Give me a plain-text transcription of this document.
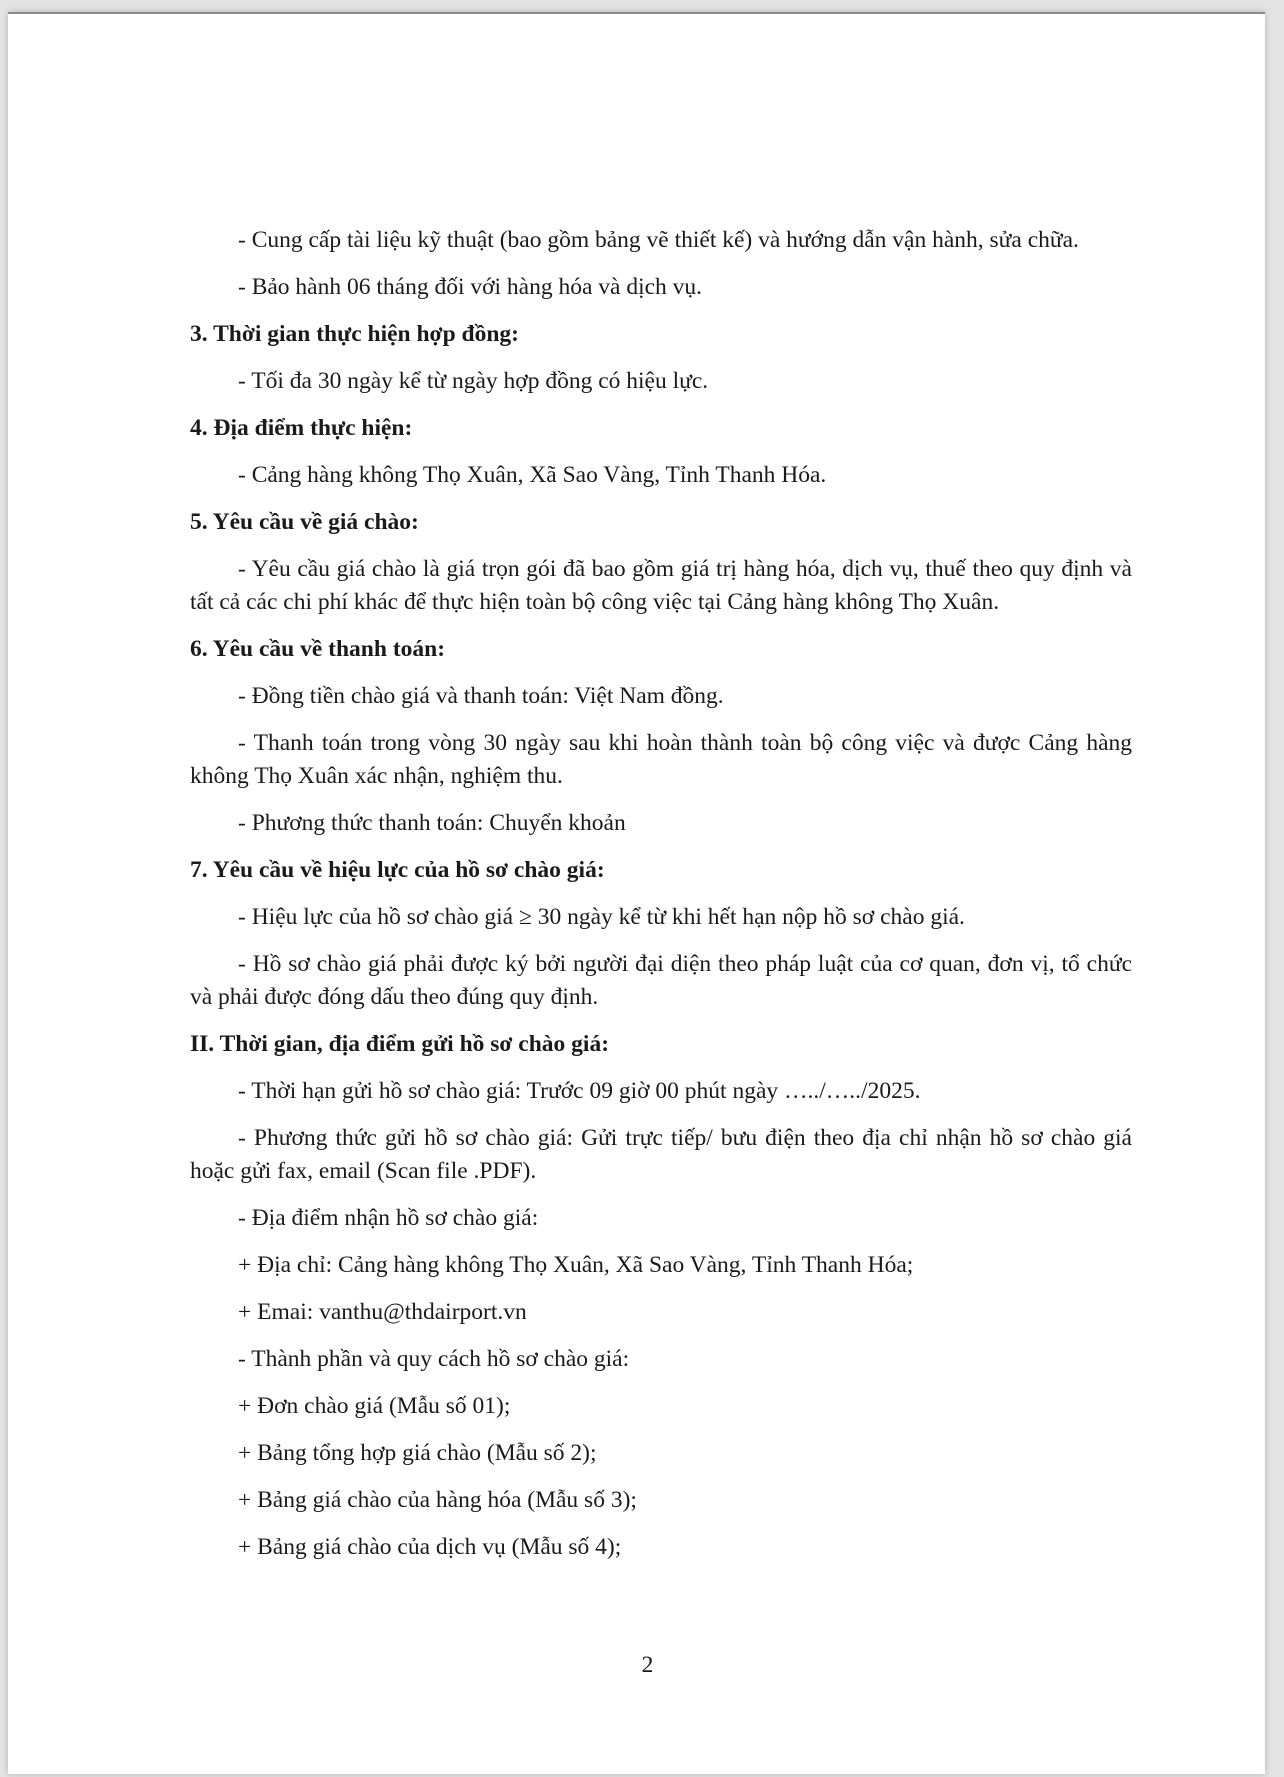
- Cung cấp tài liệu kỹ thuật (bao gồm bảng vẽ thiết kế) và hướng dẫn vận hành, sửa chữa.

- Bảo hành 06 tháng đối với hàng hóa và dịch vụ.

3. Thời gian thực hiện hợp đồng:

- Tối đa 30 ngày kể từ ngày hợp đồng có hiệu lực.

4. Địa điểm thực hiện:

- Cảng hàng không Thọ Xuân, Xã Sao Vàng, Tỉnh Thanh Hóa.

5. Yêu cầu về giá chào:

- Yêu cầu giá chào là giá trọn gói đã bao gồm giá trị hàng hóa, dịch vụ, thuế theo quy định và tất cả các chi phí khác để thực hiện toàn bộ công việc tại Cảng hàng không Thọ Xuân.

6. Yêu cầu về thanh toán:

- Đồng tiền chào giá và thanh toán: Việt Nam đồng.

- Thanh toán trong vòng 30 ngày sau khi hoàn thành toàn bộ công việc và được Cảng hàng không Thọ Xuân xác nhận, nghiệm thu.

- Phương thức thanh toán: Chuyển khoản

7. Yêu cầu về hiệu lực của hồ sơ chào giá:

- Hiệu lực của hồ sơ chào giá ≥ 30 ngày kể từ khi hết hạn nộp hồ sơ chào giá.

- Hồ sơ chào giá phải được ký bởi người đại diện theo pháp luật của cơ quan, đơn vị, tổ chức và phải được đóng dấu theo đúng quy định.

II. Thời gian, địa điểm gửi hồ sơ chào giá:

- Thời hạn gửi hồ sơ chào giá: Trước 09 giờ 00 phút ngày …../…../2025.

- Phương thức gửi hồ sơ chào giá: Gửi trực tiếp/ bưu điện theo địa chỉ nhận hồ sơ chào giá hoặc gửi fax, email (Scan file .PDF).

- Địa điểm nhận hồ sơ chào giá:

+ Địa chỉ: Cảng hàng không Thọ Xuân, Xã Sao Vàng, Tỉnh Thanh Hóa;

+ Emai: vanthu@thdairport.vn

- Thành phần và quy cách hồ sơ chào giá:

+ Đơn chào giá (Mẫu số 01);

+ Bảng tổng hợp giá chào (Mẫu số 2);

+ Bảng giá chào của hàng hóa (Mẫu số 3);

+ Bảng giá chào của dịch vụ (Mẫu số 4);

2
